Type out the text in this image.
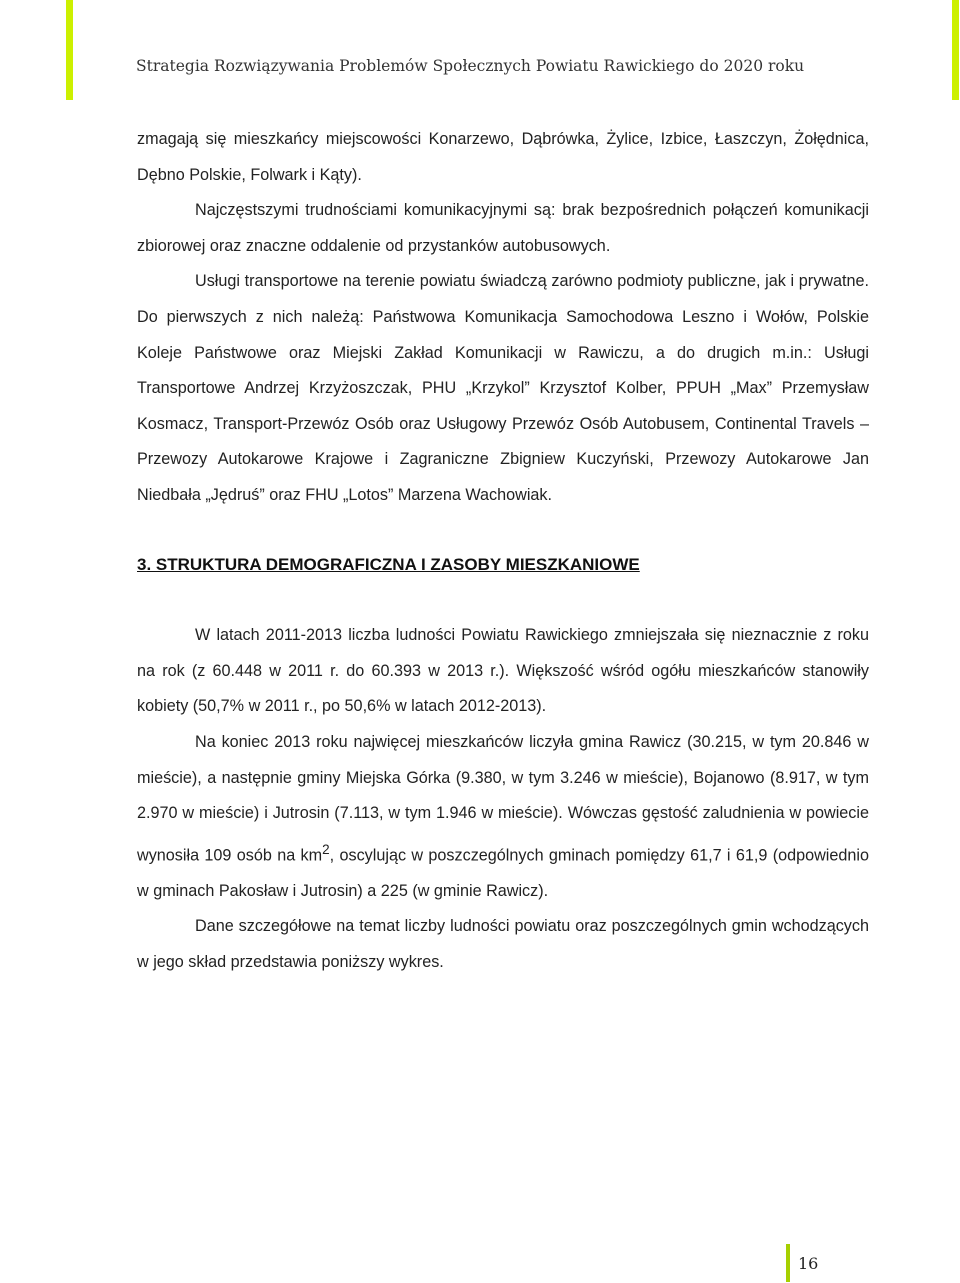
Strategia Rozwiązywania Problemów Społecznych Powiatu Rawickiego do 2020 roku

zmagają się mieszkańcy miejscowości Konarzewo, Dąbrówka, Żylice, Izbice, Łaszczyn, Żołędnica, Dębno Polskie, Folwark i Kąty).

Najczęstszymi trudnościami komunikacyjnymi są: brak bezpośrednich połączeń komunikacji zbiorowej oraz znaczne oddalenie od przystanków autobusowych.

Usługi transportowe na terenie powiatu świadczą zarówno podmioty publiczne, jak i prywatne. Do pierwszych z nich należą: Państwowa Komunikacja Samochodowa Leszno i Wołów, Polskie Koleje Państwowe oraz Miejski Zakład Komunikacji w Rawiczu, a do drugich m.in.: Usługi Transportowe Andrzej Krzyżoszczak, PHU „Krzykol” Krzysztof Kolber, PPUH „Max” Przemysław Kosmacz, Transport-Przewóz Osób oraz Usługowy Przewóz Osób Autobusem, Continental Travels – Przewozy Autokarowe Krajowe i Zagraniczne Zbigniew Kuczyński, Przewozy Autokarowe Jan Niedbała „Jędruś” oraz FHU „Lotos” Marzena Wachowiak.

3. STRUKTURA DEMOGRAFICZNA I ZASOBY MIESZKANIOWE

W latach 2011-2013 liczba ludności Powiatu Rawickiego zmniejszała się nieznacznie z roku na rok (z 60.448 w 2011 r. do 60.393 w 2013 r.). Większość wśród ogółu mieszkańców stanowiły kobiety (50,7% w 2011 r., po 50,6% w latach 2012-2013).

Na koniec 2013 roku najwięcej mieszkańców liczyła gmina Rawicz (30.215, w tym 20.846 w mieście), a następnie gminy Miejska Górka (9.380, w tym 3.246 w mieście), Bojanowo (8.917, w tym 2.970 w mieście) i Jutrosin (7.113, w tym 1.946 w mieście). Wówczas gęstość zaludnienia w powiecie wynosiła 109 osób na $km^2$, oscylując w poszczególnych gminach pomiędzy 61,7 i 61,9 (odpowiednio w gminach Pakosław i Jutrosin) a 225 (w gminie Rawicz).

Dane szczegółowe na temat liczby ludności powiatu oraz poszczególnych gmin wchodzących w jego skład przedstawia poniższy wykres.

16
